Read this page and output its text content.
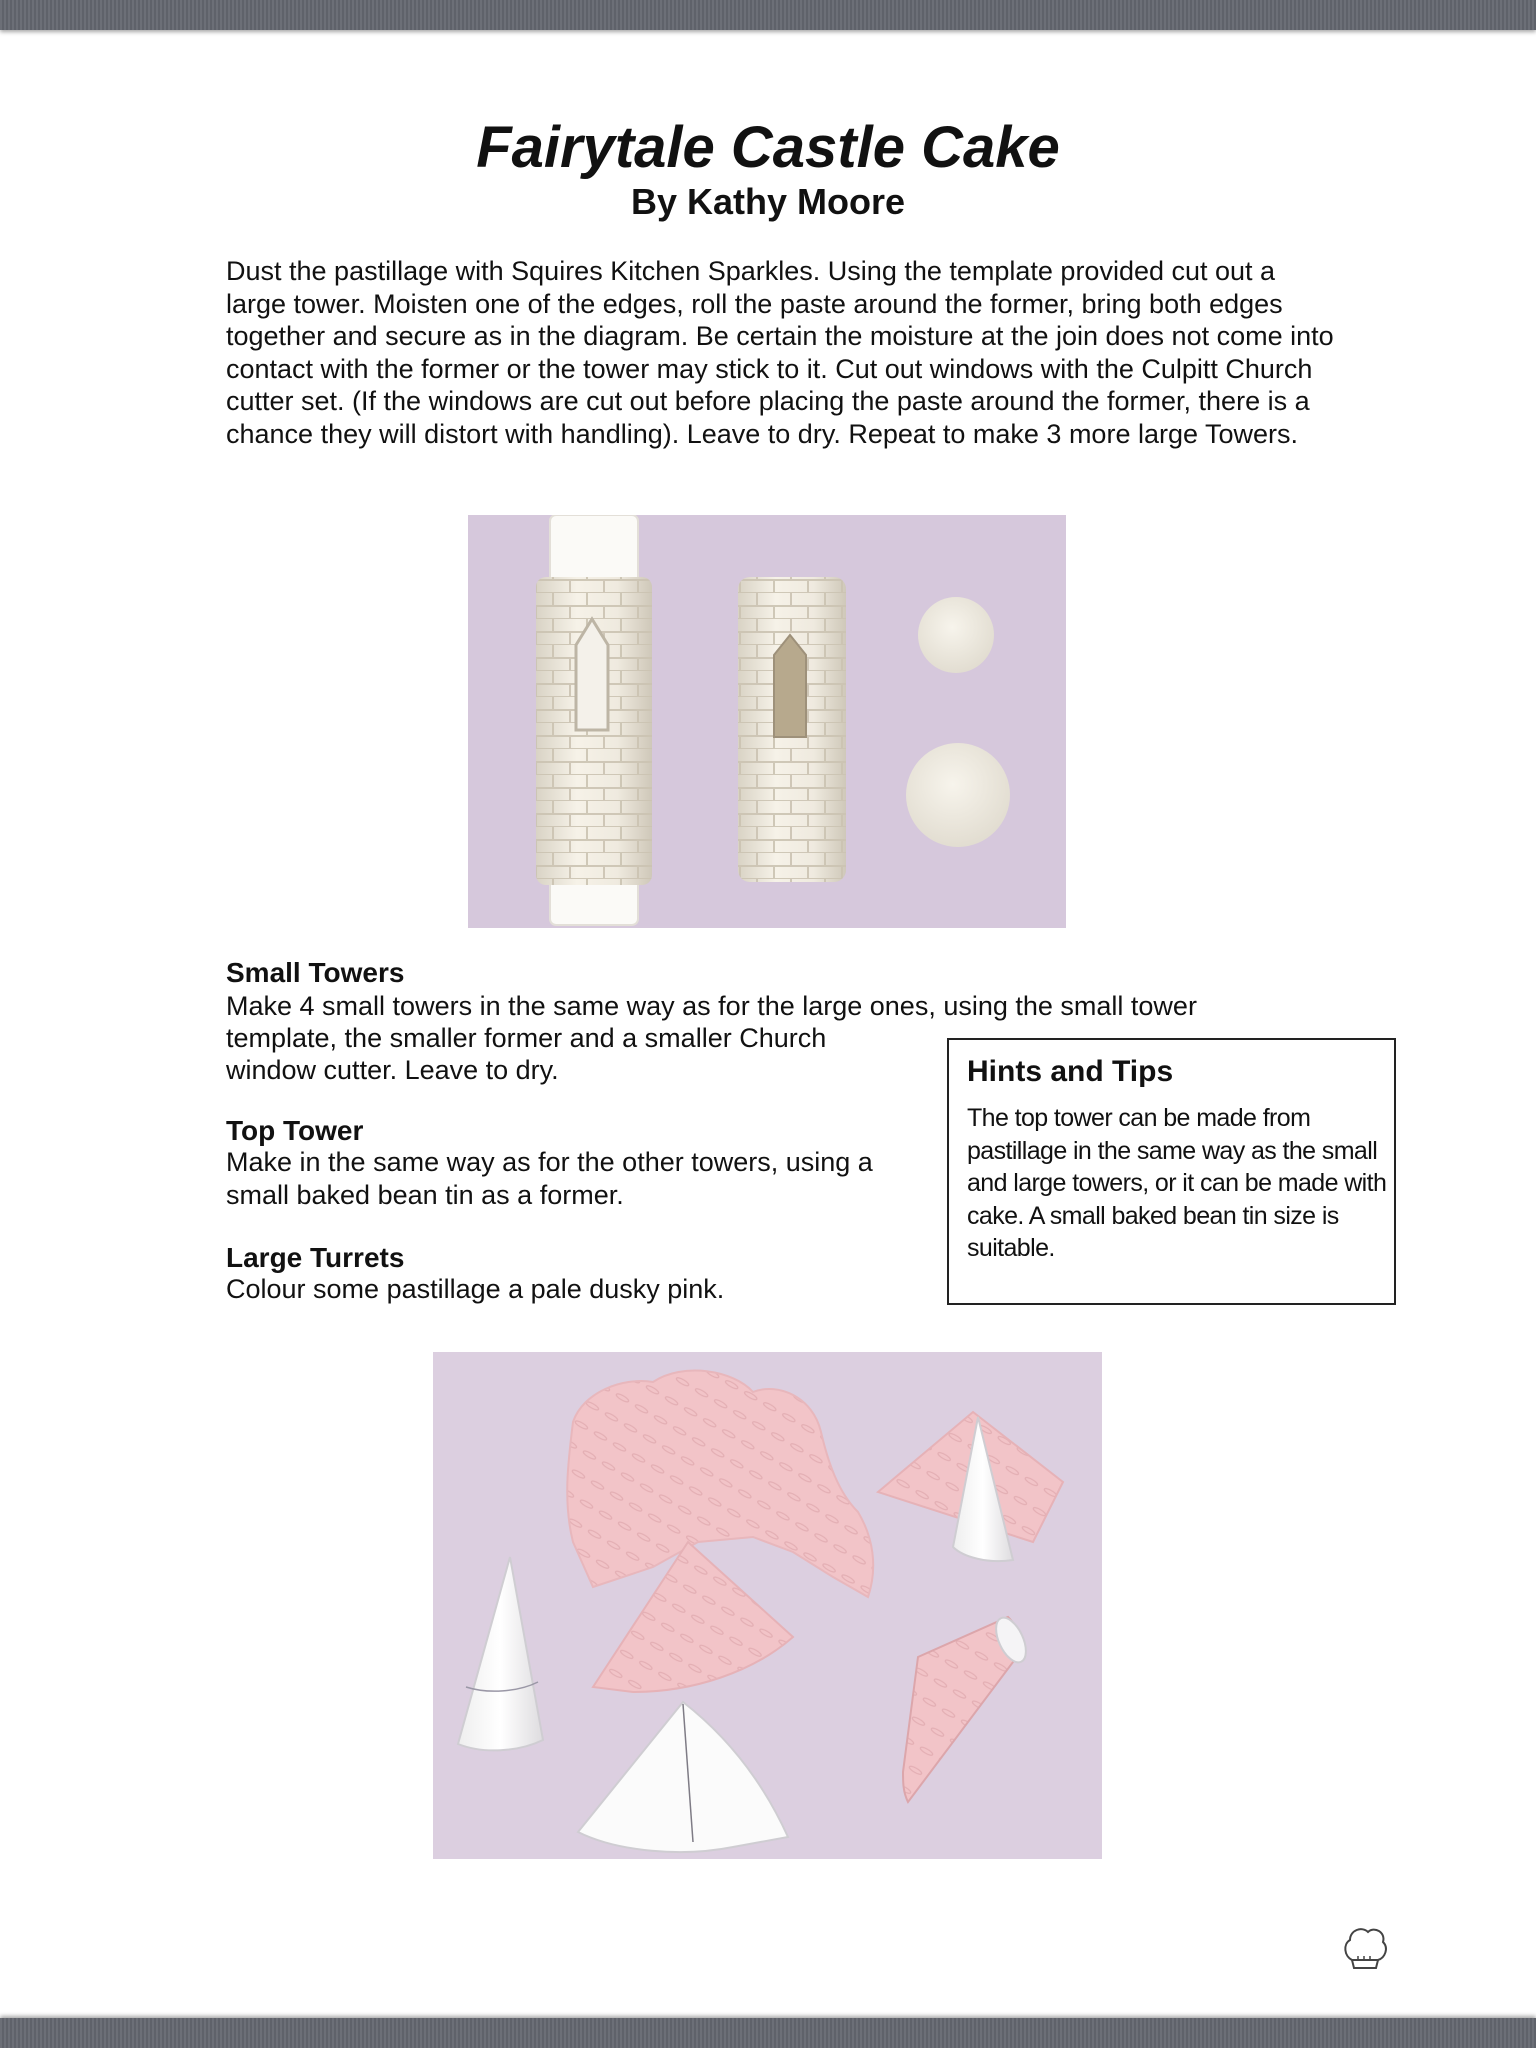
Fairytale Castle Cake
By Kathy Moore

Dust the pastillage with Squires Kitchen Sparkles. Using the template provided cut out a large tower. Moisten one of the edges, roll the paste around the former, bring both edges together and secure as in the diagram. Be certain the moisture at the join does not come into contact with the former or the tower may stick to it. Cut out windows with the Culpitt Church cutter set. (If the windows are cut out before placing the paste around the former, there is a chance they will distort with handling). Leave to dry. Repeat to make 3 more large Towers.

Small Towers

Make 4 small towers in the same way as for the large ones, using the small tower

template, the smaller former and a smaller Church

window cutter. Leave to dry.

Top Tower

Make in the same way as for the other towers, using a small baked bean tin as a former.

Large Turrets

Colour some pastillage a pale dusky pink.

Hints and Tips

The top tower can be made from pastillage in the same way as the small and large towers, or it can be made with cake. A small baked bean tin size is suitable.
